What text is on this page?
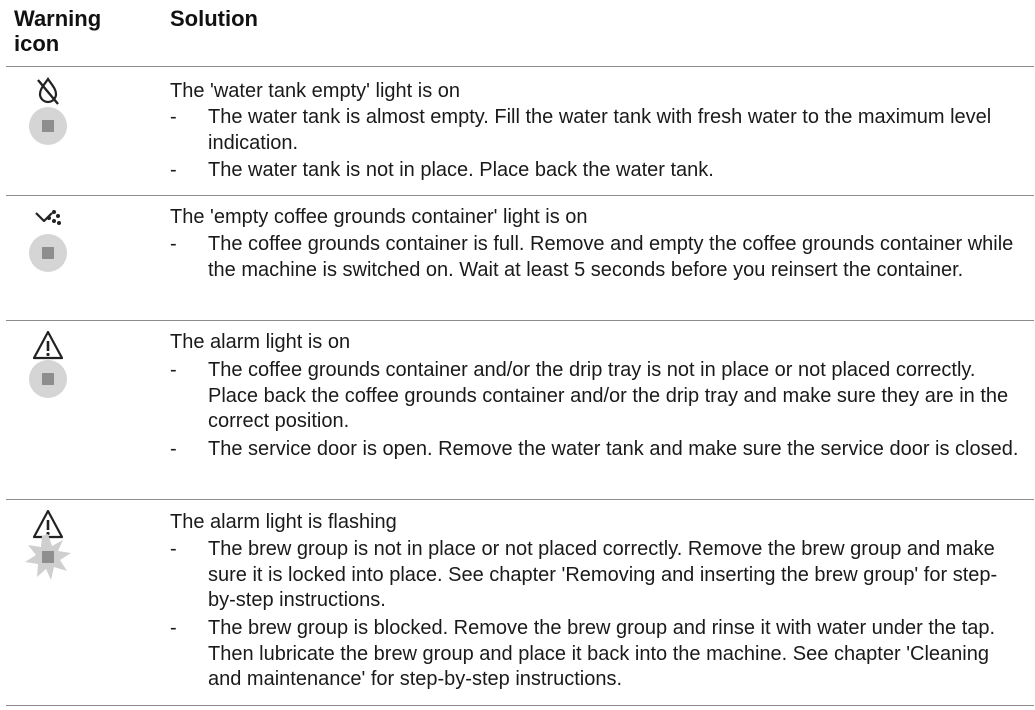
Warning icon
Solution
The 'water tank empty' light is on
-	The water tank is almost empty. Fill the water tank with fresh water to the maximum level indication.
-	The water tank is not in place. Place back the water tank.
The 'empty coffee grounds container' light is on
-	The coffee grounds container is full. Remove and empty the coffee grounds container while the machine is switched on. Wait at least 5 seconds before you reinsert the container.
The alarm light is on
-	The coffee grounds container and/or the drip tray is not in place or not placed correctly. Place back the coffee grounds container and/or the drip tray and make sure they are in the correct position.
-	The service door is open. Remove the water tank and make sure the service door is closed.
The alarm light is flashing
-	The brew group is not in place or not placed correctly. Remove the brew group and make sure it is locked into place. See chapter 'Removing and inserting the brew group' for step-by-step instructions.
-	The brew group is blocked. Remove the brew group and rinse it with water under the tap. Then lubricate the brew group and place it back into the machine. See chapter 'Cleaning and maintenance' for step-by-step instructions.
